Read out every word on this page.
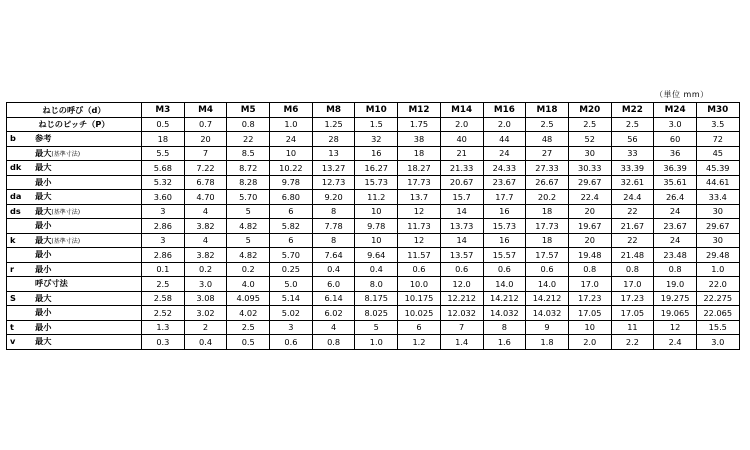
（単位 mm）
ねじの呼び（d）	M3	M4	M5	M6	M8	M10	M12	M14	M16	M18	M20	M22	M24	M30
ねじのピッチ（P）	0.5	0.7	0.8	1.0	1.25	1.5	1.75	2.0	2.0	2.5	2.5	2.5	3.0	3.5

b 参考	18	20	22	24	28	32	38	40	44	48	52	56	60	72

最大(基準寸法)	5.5	7	8.5	10	13	16	18	21	24	27	30	33	36	45

dk 最大	5.68	7.22	8.72	10.22	13.27	16.27	18.27	21.33	24.33	27.33	30.33	33.39	36.39	45.39

最小	5.32	6.78	8.28	9.78	12.73	15.73	17.73	20.67	23.67	26.67	29.67	32.61	35.61	44.61

da 最大	3.60	4.70	5.70	6.80	9.20	11.2	13.7	15.7	17.7	20.2	22.4	24.4	26.4	33.4

ds 最大(基準寸法)	3	4	5	6	8	10	12	14	16	18	20	22	24	30

最小	2.86	3.82	4.82	5.82	7.78	9.78	11.73	13.73	15.73	17.73	19.67	21.67	23.67	29.67

k 最大(基準寸法)	3	4	5	6	8	10	12	14	16	18	20	22	24	30

最小	2.86	3.82	4.82	5.70	7.64	9.64	11.57	13.57	15.57	17.57	19.48	21.48	23.48	29.48

r 最小	0.1	0.2	0.2	0.25	0.4	0.4	0.6	0.6	0.6	0.6	0.8	0.8	0.8	1.0

呼び寸法	2.5	3.0	4.0	5.0	6.0	8.0	10.0	12.0	14.0	14.0	17.0	17.0	19.0	22.0

S 最大	2.58	3.08	4.095	5.14	6.14	8.175	10.175	12.212	14.212	14.212	17.23	17.23	19.275	22.275

最小	2.52	3.02	4.02	5.02	6.02	8.025	10.025	12.032	14.032	14.032	17.05	17.05	19.065	22.065

t 最小	1.3	2	2.5	3	4	5	6	7	8	9	10	11	12	15.5

v 最大	0.3	0.4	0.5	0.6	0.8	1.0	1.2	1.4	1.6	1.8	2.0	2.2	2.4	3.0
